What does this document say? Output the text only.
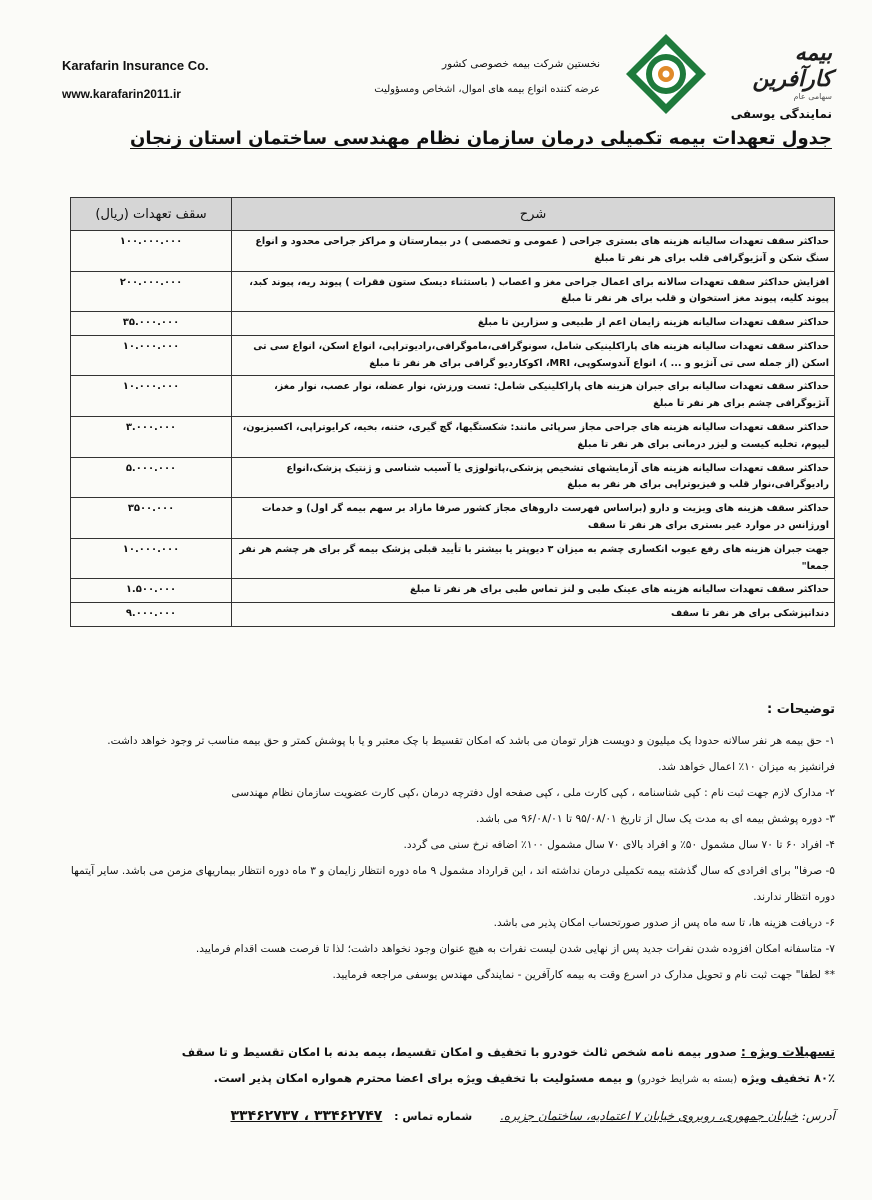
Karafarin Insurance Co.
www.karafarin2011.ir
نخستین شرکت بیمه خصوصی کشور
عرضه کننده انواع بیمه های اموال، اشخاص ومسؤولیت
بیمه کارآفرین
سهامی عام
نمایندگی یوسفی
جدول تعهدات بیمه تکمیلی درمان سازمان نظام مهندسی ساختمان استان زنجان
شرح	سقف تعهدات (ریال)
حداکثر سقف تعهدات سالیانه هزینه های بستری جراحی ( عمومی و تخصصی ) در بیمارستان و مراکز جراحی محدود و انواع سنگ شکن و آنژیوگرافی قلب برای هر نفر تا مبلغ	۱۰۰.۰۰۰.۰۰۰
افزایش حداکثر سقف تعهدات سالانه برای اعمال جراحی مغز و اعصاب ( باستثناء دیسک ستون فقرات ) پیوند ریه، پیوند کبد، پیوند کلیه، پیوند مغز استخوان و قلب برای هر نفر تا مبلغ	۲۰۰.۰۰۰.۰۰۰
حداکثر سقف تعهدات سالیانه هزینه زایمان اعم از طبیعی و سزارین تا مبلغ	۳۵.۰۰۰.۰۰۰
حداکثر سقف تعهدات سالیانه هزینه های پاراکلینیکی شامل، سونوگرافی،ماموگرافی،رادیوتراپی، انواع اسکن، انواع سی تی اسکن (از جمله سی تی آنژیو و ... )، انواع آندوسکوپی، MRI، اکوکاردیو گرافی برای هر نفر تا مبلغ	۱۰.۰۰۰.۰۰۰
حداکثر سقف تعهدات سالیانه برای جبران هزینه های پاراکلینیکی شامل: تست ورزش، نوار عضله، نوار عصب، نوار مغز، آنژیوگرافی چشم برای هر نفر تا مبلغ	۱۰.۰۰۰.۰۰۰
حداکثر سقف تعهدات سالیانه هزینه های جراحی مجاز سرپائی مانند: شکستگیها، گچ گیری، ختنه، بخیه، کرایوتراپی، اکسیزیون، لیپوم، تخلیه کیست و لیزر درمانی برای هر نفر تا مبلغ	۳.۰۰۰.۰۰۰
حداکثر سقف تعهدات سالیانه هزینه های آزمایشهای تشخیص پزشکی،پاتولوژی یا آسیب شناسی و ژنتیک پزشک،انواع رادیوگرافی،نوار قلب و فیزیوتراپی برای هر نفر به مبلغ	۵.۰۰۰.۰۰۰
حداکثر سقف هزینه های ویزیت و دارو (براساس فهرست داروهای مجاز کشور صرفا مازاد بر سهم بیمه گر اول) و خدمات اورژانس در موارد غیر بستری برای هر نفر تا سقف	۳۵۰۰.۰۰۰
جهت جبران هزینه های رفع عیوب انکساری چشم به میزان ۳ دیوپتر یا بیشتر با تأیید قبلی پزشک بیمه گر برای هر چشم هر نفر جمعا"	۱۰.۰۰۰.۰۰۰
حداکثر سقف تعهدات سالیانه هزینه های عینک طبی و لنز تماس طبی برای هر نفر تا مبلغ	۱.۵۰۰.۰۰۰
دندانپزشکی برای هر نفر تا سقف	۹.۰۰۰.۰۰۰
توضیحات :

۱- حق بیمه هر نفر سالانه حدودا یک میلیون و دویست هزار تومان می باشد که امکان تقسیط با چک معتبر و یا با پوشش کمتر و حق بیمه مناسب تر وجود خواهد داشت. فرانشیز به میزان ۱۰٪ اعمال خواهد شد.

۲- مدارک لازم جهت ثبت نام : کپی شناسنامه ، کپی کارت ملی ، کپی صفحه اول دفترچه درمان ،کپی کارت عضویت سازمان نظام مهندسی

۳- دوره پوشش بیمه ای به مدت یک سال از تاریخ ۹۵/۰۸/۰۱ تا ۹۶/۰۸/۰۱ می باشد.

۴- افراد ۶۰ تا ۷۰ سال مشمول ۵۰٪ و افراد بالای ۷۰ سال مشمول ۱۰۰٪ اضافه نرخ سنی می گردد.

۵- صرفا" برای افرادی که سال گذشته بیمه تکمیلی درمان نداشته اند ، این قرارداد مشمول ۹ ماه دوره انتظار زایمان و ۳ ماه دوره انتظار بیماریهای مزمن می باشد. سایر آیتمها دوره انتظار ندارند.

۶- دریافت هزینه ها، تا سه ماه پس از صدور صورتحساب امکان پذیر می باشد.

۷- متاسفانه امکان افزوده شدن نفرات جدید پس از نهایی شدن لیست نفرات به هیچ عنوان وجود نخواهد داشت؛ لذا تا فرصت هست اقدام فرمایید.

** لطفا" جهت ثبت نام و تحویل مدارک در اسرع وقت به بیمه کارآفرین - نمایندگی مهندس یوسفی مراجعه فرمایید.

تسهیلات ویژه : صدور بیمه نامه شخص ثالث خودرو با تخفیف و امکان تقسیط، بیمه بدنه با امکان تقسیط و تا سقف
۸۰٪ تخفیف ویژه (بسته به شرایط خودرو) و بیمه مسئولیت با تخفیف ویژه برای اعضا محترم همواره امکان پذیر است.
آدرس: خیابان جمهوری، روبروی خیابان ۷ اعتمادیه، ساختمان جزیره. شماره تماس : ۳۳۴۶۲۷۴۷ ، ۳۳۴۶۲۷۳۷
